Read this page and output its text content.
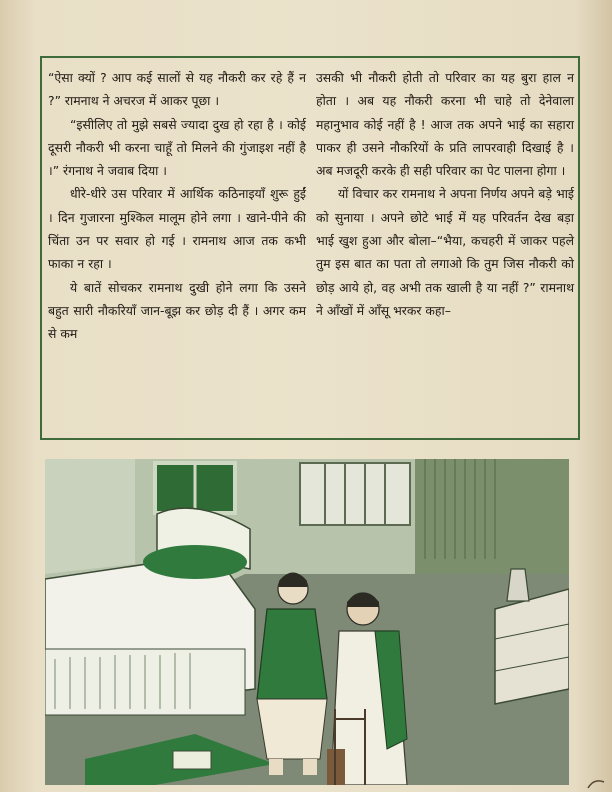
“ऐसा क्यों ? आप कई सालों से यह नौकरी कर रहे हैं न ?” रामनाथ ने अचरज में आकर पूछा ।

“इसीलिए तो मुझे सबसे ज्यादा दुख हो रहा है । कोई दूसरी नौकरी भी करना चाहूँ तो मिलने की गुंजाइश नहीं है ।” रंगनाथ ने जवाब दिया ।

धीरे-धीरे उस परिवार में आर्थिक कठिनाइयाँ शुरू हुईं । दिन गुजारना मुश्किल मालूम होने लगा । खाने-पीने की चिंता उन पर सवार हो गई । रामनाथ आज तक कभी फाका न रहा ।

ये बातें सोचकर रामनाथ दुखी होने लगा कि उसने बहुत सारी नौकरियाँ जान-बूझ कर छोड़ दी हैं । अगर कम से कम

उसकी भी नौकरी होती तो परिवार का यह बुरा हाल न होता । अब यह नौकरी करना भी चाहे तो देनेवाला महानुभाव कोई नहीं है ! आज तक अपने भाई का सहारा पाकर ही उसने नौकरियों के प्रति लापरवाही दिखाई है । अब मजदूरी करके ही सही परिवार का पेट पालना होगा ।

यों विचार कर रामनाथ ने अपना निर्णय अपने बड़े भाई को सुनाया । अपने छोटे भाई में यह परिवर्तन देख बड़ा भाई खुश हुआ और बोला–“भैया, कचहरी में जाकर पहले तुम इस बात का पता तो लगाओ कि तुम जिस नौकरी को छोड़ आये हो, वह अभी तक खाली है या नहीं ?” रामनाथ ने आँखों में आँसू भरकर कहा–
